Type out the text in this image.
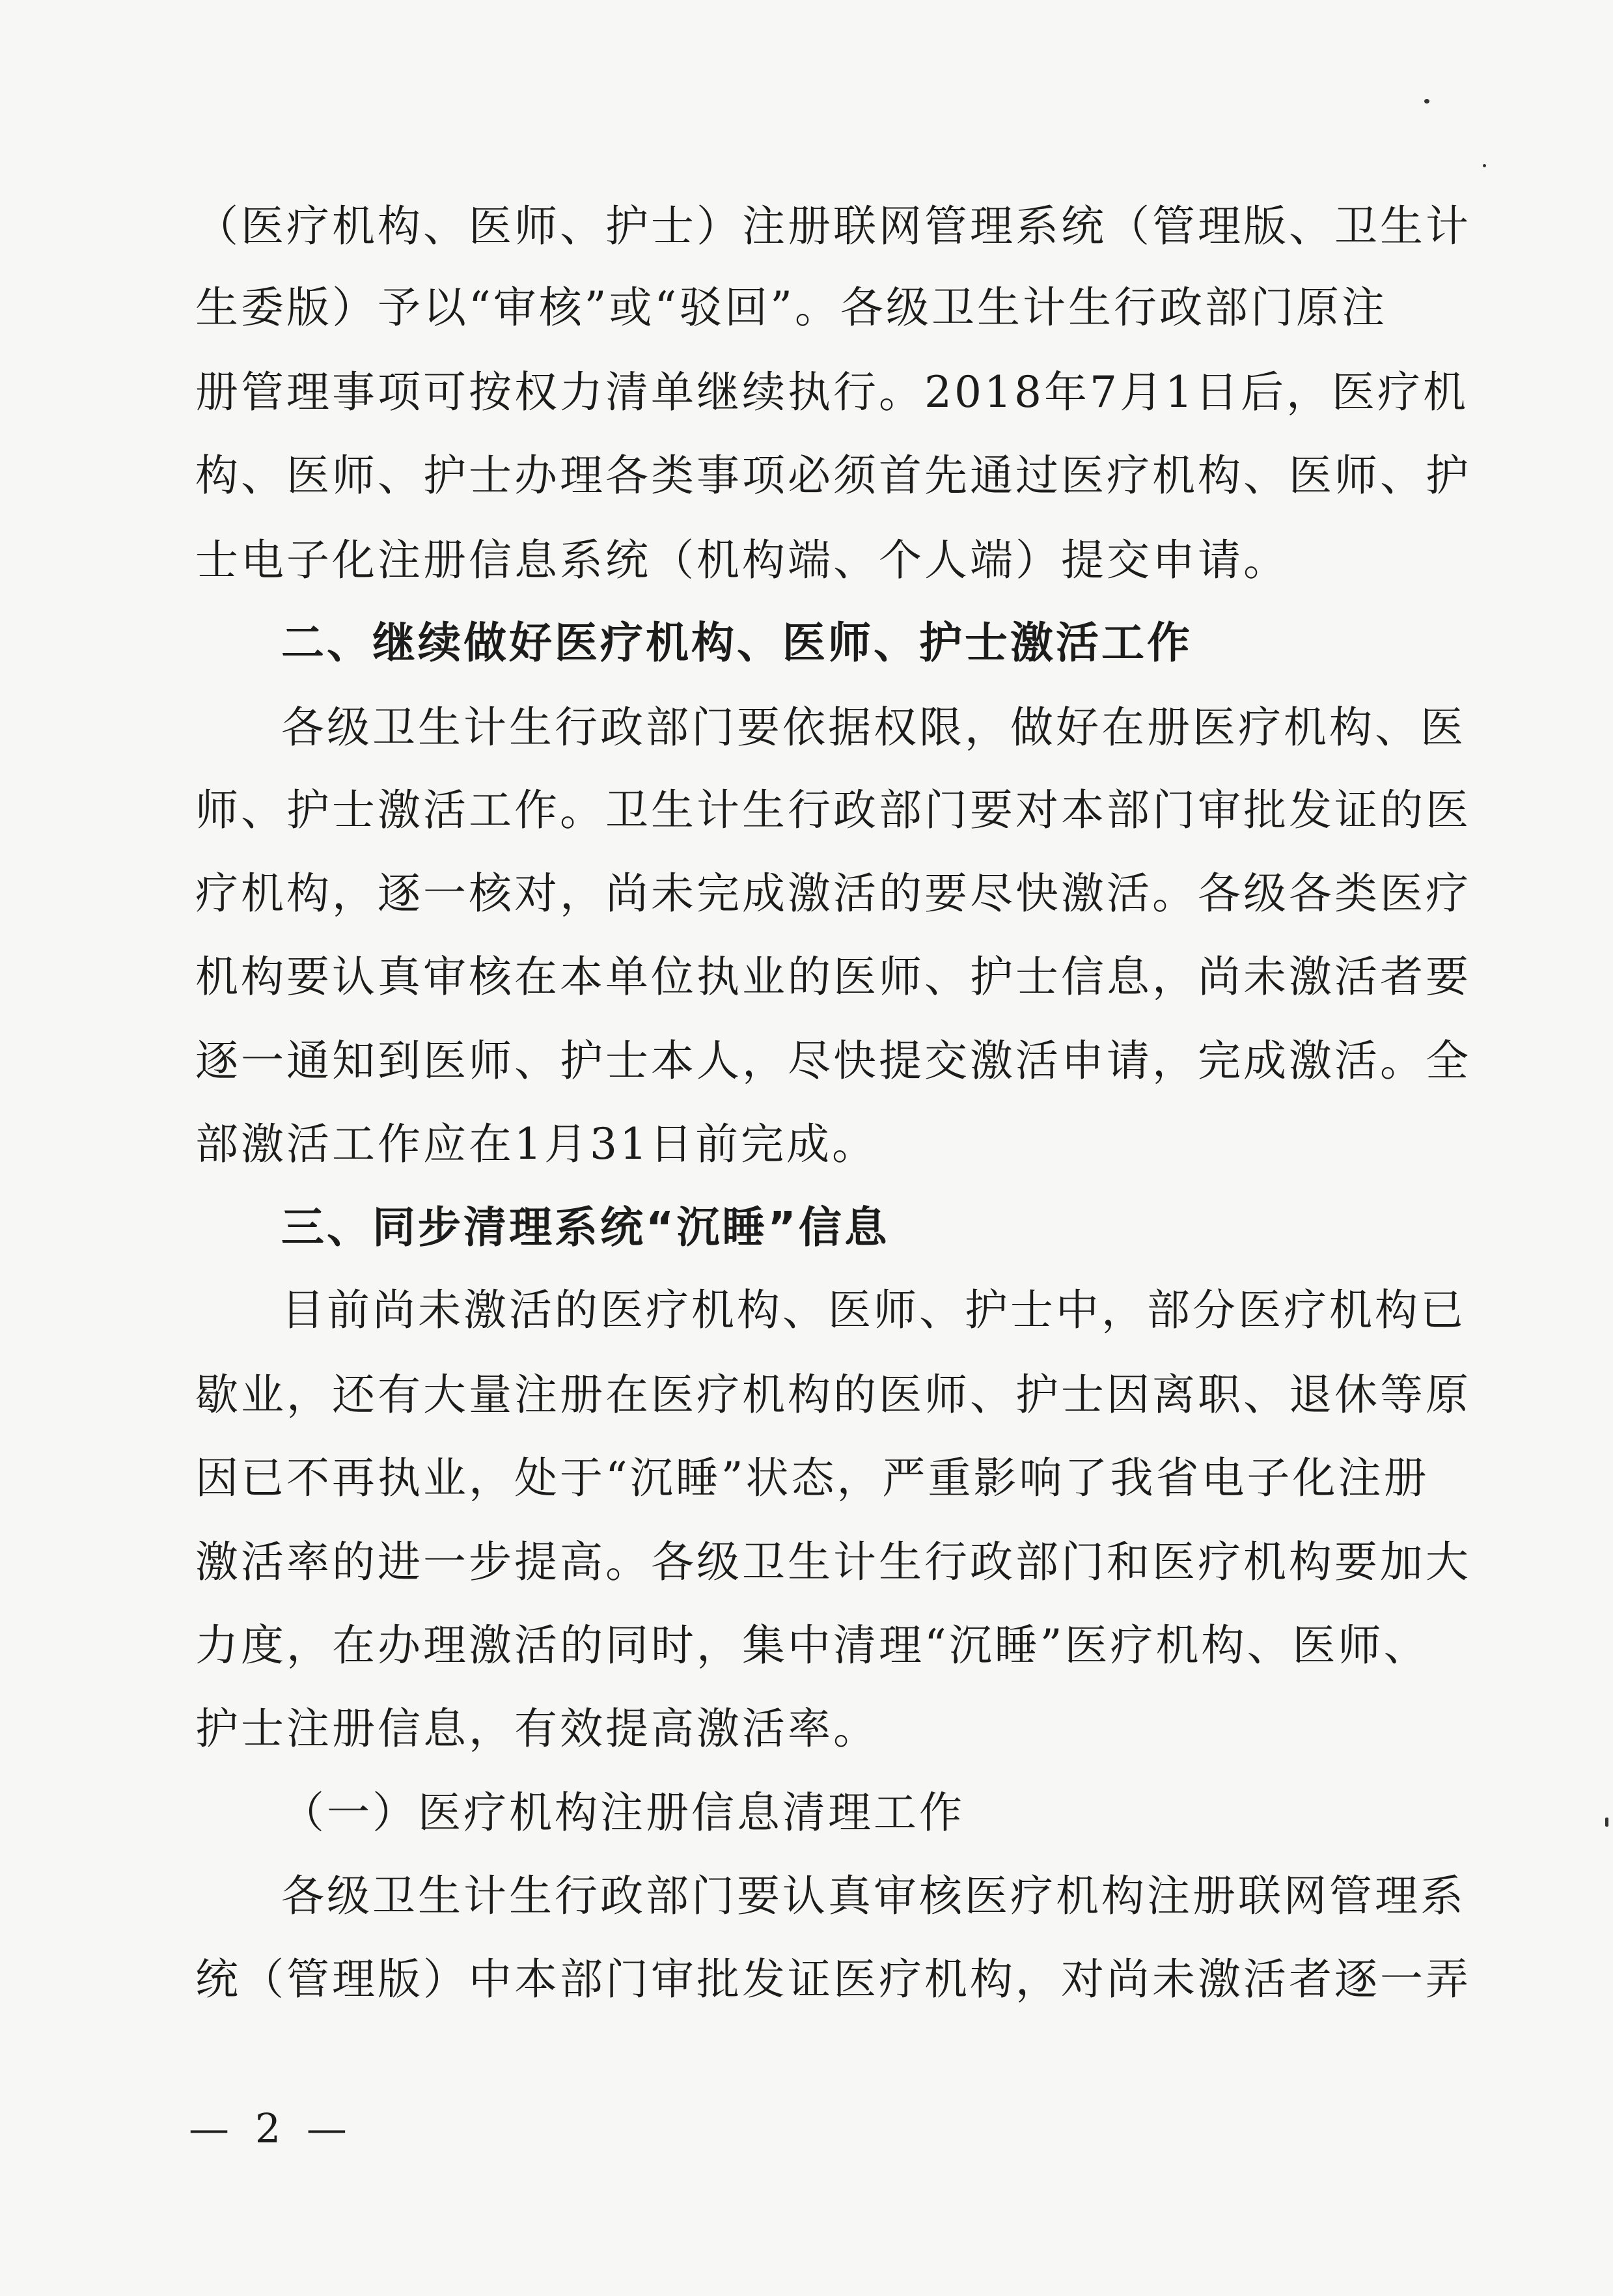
（医疗机构、医师、护士）注册联网管理系统（管理版、卫生计
生委版）予以“审核”或“驳回”。各级卫生计生行政部门原注
册管理事项可按权力清单继续执行。2018年7月1日后，医疗机
构、医师、护士办理各类事项必须首先通过医疗机构、医师、护
士电子化注册信息系统（机构端、个人端）提交申请。
二、继续做好医疗机构、医师、护士激活工作
各级卫生计生行政部门要依据权限，做好在册医疗机构、医
师、护士激活工作。卫生计生行政部门要对本部门审批发证的医
疗机构，逐一核对，尚未完成激活的要尽快激活。各级各类医疗
机构要认真审核在本单位执业的医师、护士信息，尚未激活者要
逐一通知到医师、护士本人，尽快提交激活申请，完成激活。全
部激活工作应在1月31日前完成。
三、同步清理系统“沉睡”信息
目前尚未激活的医疗机构、医师、护士中，部分医疗机构已
歇业，还有大量注册在医疗机构的医师、护士因离职、退休等原
因已不再执业，处于“沉睡”状态，严重影响了我省电子化注册
激活率的进一步提高。各级卫生计生行政部门和医疗机构要加大
力度，在办理激活的同时，集中清理“沉睡”医疗机构、医师、
护士注册信息，有效提高激活率。
（一）医疗机构注册信息清理工作
各级卫生计生行政部门要认真审核医疗机构注册联网管理系
统（管理版）中本部门审批发证医疗机构，对尚未激活者逐一弄
— 2 —
